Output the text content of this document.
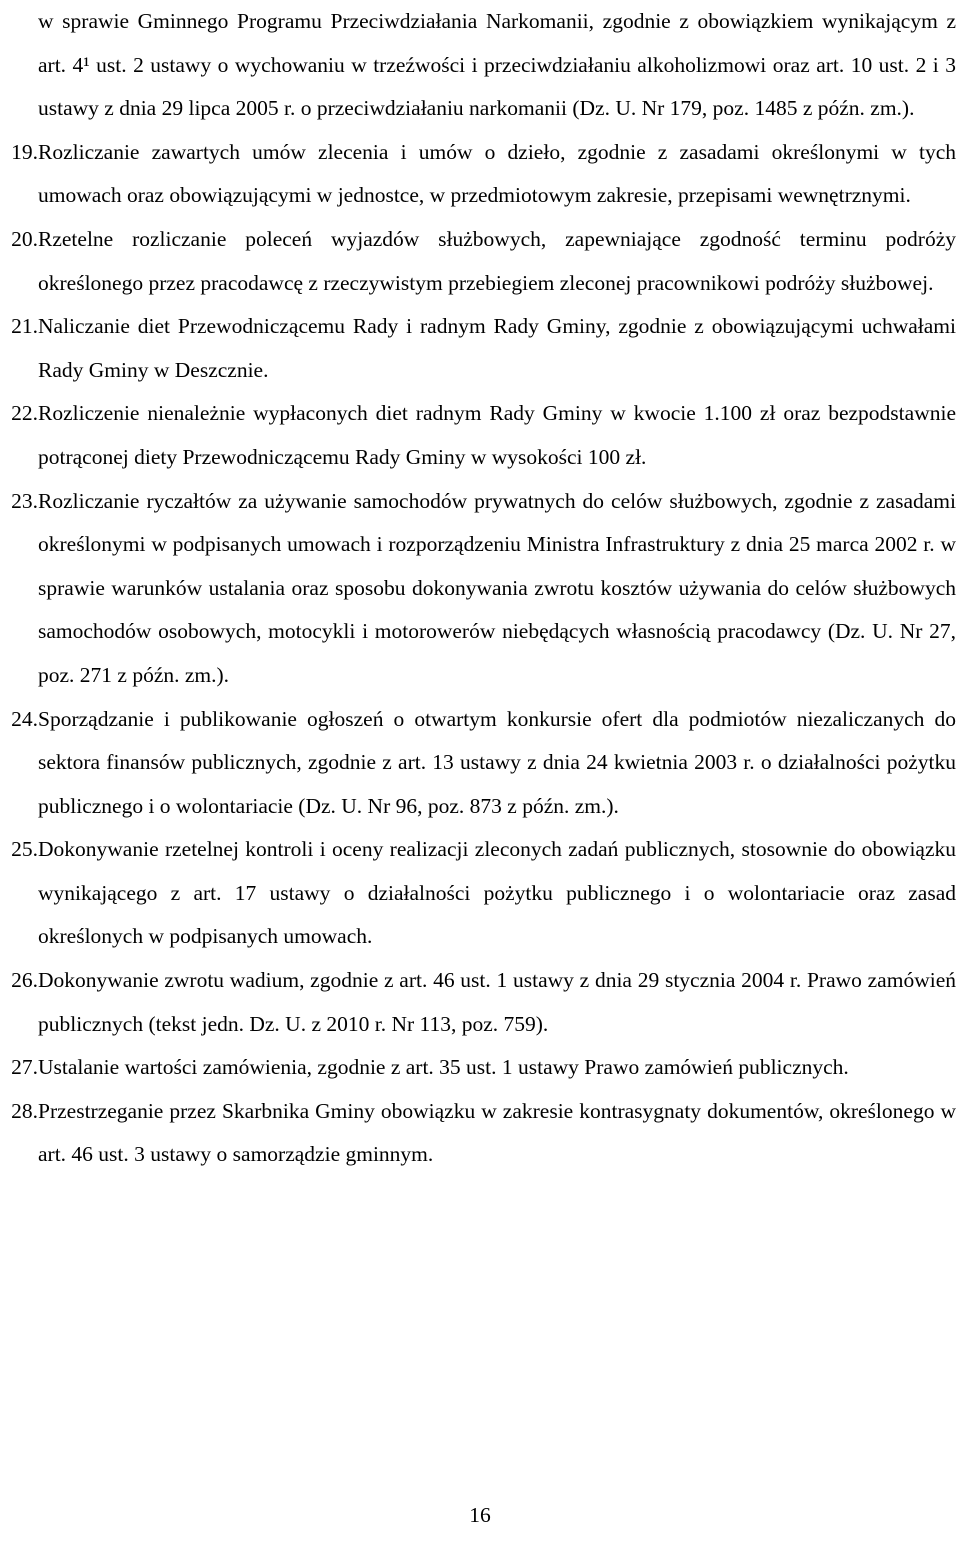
w sprawie Gminnego Programu Przeciwdziałania Narkomanii, zgodnie z obowiązkiem wynikającym z art. 4¹ ust. 2 ustawy o wychowaniu w trzeźwości i przeciwdziałaniu alkoholizmowi oraz art. 10 ust. 2 i 3 ustawy z dnia 29 lipca 2005 r. o przeciwdziałaniu narkomanii (Dz. U. Nr 179, poz. 1485 z późn. zm.).

19. Rozliczanie zawartych umów zlecenia i umów o dzieło, zgodnie z zasadami określonymi w tych umowach oraz obowiązującymi w jednostce, w przedmiotowym zakresie, przepisami wewnętrznymi.
20. Rzetelne rozliczanie poleceń wyjazdów służbowych, zapewniające zgodność terminu podróży określonego przez pracodawcę z rzeczywistym przebiegiem zleconej pracownikowi podróży służbowej.
21. Naliczanie diet Przewodniczącemu Rady i radnym Rady Gminy, zgodnie z obowiązującymi uchwałami Rady Gminy w Deszcznie.
22. Rozliczenie nienależnie wypłaconych diet radnym Rady Gminy w kwocie 1.100 zł oraz bezpodstawnie potrąconej diety Przewodniczącemu Rady Gminy w wysokości 100 zł.
23. Rozliczanie ryczałtów za używanie samochodów prywatnych do celów służbowych, zgodnie z zasadami określonymi w podpisanych umowach i rozporządzeniu Ministra Infrastruktury z dnia 25 marca 2002 r. w sprawie warunków ustalania oraz sposobu dokonywania zwrotu kosztów używania do celów służbowych samochodów osobowych, motocykli i motorowerów niebędących własnością pracodawcy (Dz. U. Nr 27, poz. 271 z późn. zm.).
24. Sporządzanie i publikowanie ogłoszeń o otwartym konkursie ofert dla podmiotów niezaliczanych do sektora finansów publicznych, zgodnie z art. 13 ustawy z dnia 24 kwietnia 2003 r. o działalności pożytku publicznego i o wolontariacie (Dz. U. Nr 96, poz. 873 z późn. zm.).
25. Dokonywanie rzetelnej kontroli i oceny realizacji zleconych zadań publicznych, stosownie do obowiązku wynikającego z art. 17 ustawy o działalności pożytku publicznego i o wolontariacie oraz zasad określonych w podpisanych umowach.
26. Dokonywanie zwrotu wadium, zgodnie z art. 46 ust. 1 ustawy z dnia 29 stycznia 2004 r. Prawo zamówień publicznych (tekst jedn. Dz. U. z 2010 r. Nr 113, poz. 759).
27. Ustalanie wartości zamówienia, zgodnie z art. 35 ust. 1 ustawy Prawo zamówień publicznych.
28. Przestrzeganie przez Skarbnika Gminy obowiązku w zakresie kontrasygnaty dokumentów, określonego w art. 46 ust. 3 ustawy o samorządzie gminnym.
16
